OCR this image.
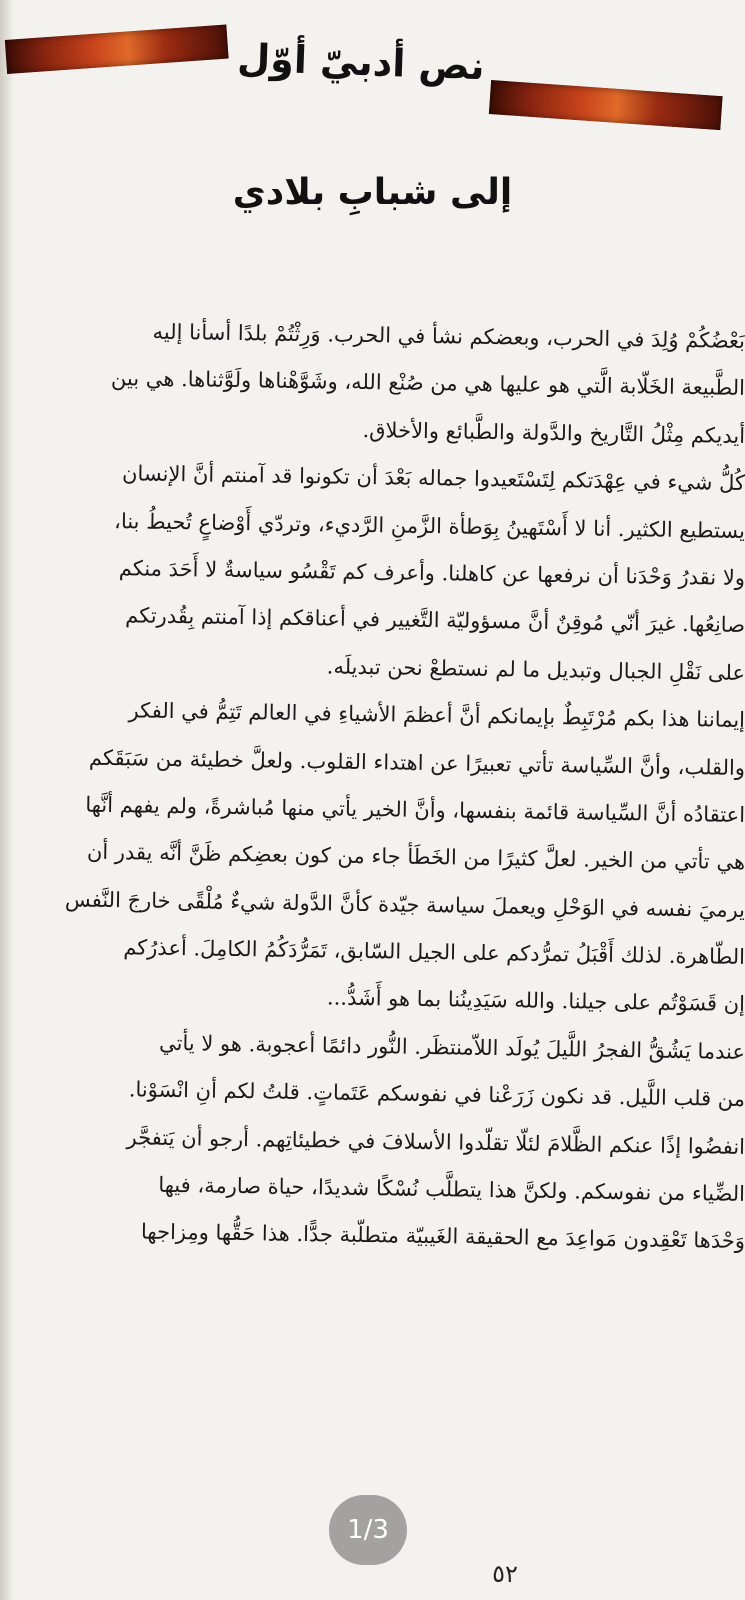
نص أدبيّ أوّل
إلى شبابِ بلادي
بَعْضُكُمْ وُلِدَ في الحرب، وبعضكم نشأ في الحرب. وَرِثْتُمْ بلدًا أسأنا إليه
الطَّبيعة الخَلّابة الَّتي هو عليها هي من صُنْع الله، وشَوَّهْناها ولَوَّثناها. هي بين
أيديكم مِثْلُ التَّاريخ والدَّولة والطَّبائع والأخلاق.
كُلُّ شيء في عِهْدَتكم لِتَسْتَعيدوا جماله بَعْدَ أن تكونوا قد آمنتم أنَّ الإنسان
يستطيع الكثير. أنا لا أَسْتَهينُ بِوَطأة الزَّمنِ الرَّديء، وتردّي أَوْضاعٍ تُحيطُ بنا،
ولا نقدرُ وَحْدَنا أن نرفعها عن كاهلنا. وأعرف كم تَقْسُو سياسةٌ لا أَحَدَ منكم
صانِعُها. غيرَ أنّي مُوقِنٌ أنَّ مسؤوليّة التَّغيير في أعناقكم إذا آمنتم بِقُدرتكم
على نَقْلِ الجبال وتبديل ما لم نستطعْ نحن تبديلَه.
إيماننا هذا بكم مُرْتَبِطٌ بإيمانكم أنَّ أعظمَ الأشياءِ في العالم تَتِمُّ في الفكر
والقلب، وأنَّ السِّياسة تأتي تعبيرًا عن اهتداء القلوب. ولعلَّ خطيئة من سَبَقَكم
اعتقادُه أنَّ السِّياسة قائمة بنفسها، وأنَّ الخير يأتي منها مُباشرةً، ولم يفهم أنَّها
هي تأتي من الخير. لعلَّ كثيرًا من الخَطَأ جاء من كون بعضِكم ظَنَّ أنَّه يقدر أن
يرميَ نفسه في الوَحْلِ ويعملَ سياسة جيّدة كأنَّ الدَّولة شيءٌ مُلْقًى خارجَ النَّفس
الطّاهرة. لذلك أَقْبَلُ تمرُّدكم على الجيل السّابق، تَمَرُّدَكُمُ الكامِلَ. أعذرُكم
إن قَسَوْتُم على جيلنا. والله سَيَدِينُنا بما هو أَشَدُّ...
عندما يَشُقُّ الفجرُ اللَّيلَ يُولَد اللاّمنتظَر. النُّور دائمًا أعجوبة. هو لا يأتي
من قلب اللَّيل. قد نكون زَرَعْنا في نفوسكم عَتَماتٍ. قلتُ لكم أنِ انْسَوْنا.
انفضُوا إذًا عنكم الظَّلامَ لئلّا تقلّدوا الأسلافَ في خطيئاتِهم. أرجو أن يَتفجَّر
الضِّياء من نفوسكم. ولكنَّ هذا يتطلَّب نُسْكًا شديدًا، حياة صارمة، فيها
وَحْدَها تَعْقِدون مَواعِدَ مع الحقيقة الغَيبيّة متطلّبة جدًّا. هذا حَقُّها ومِزاجها
٥٢
1/3
